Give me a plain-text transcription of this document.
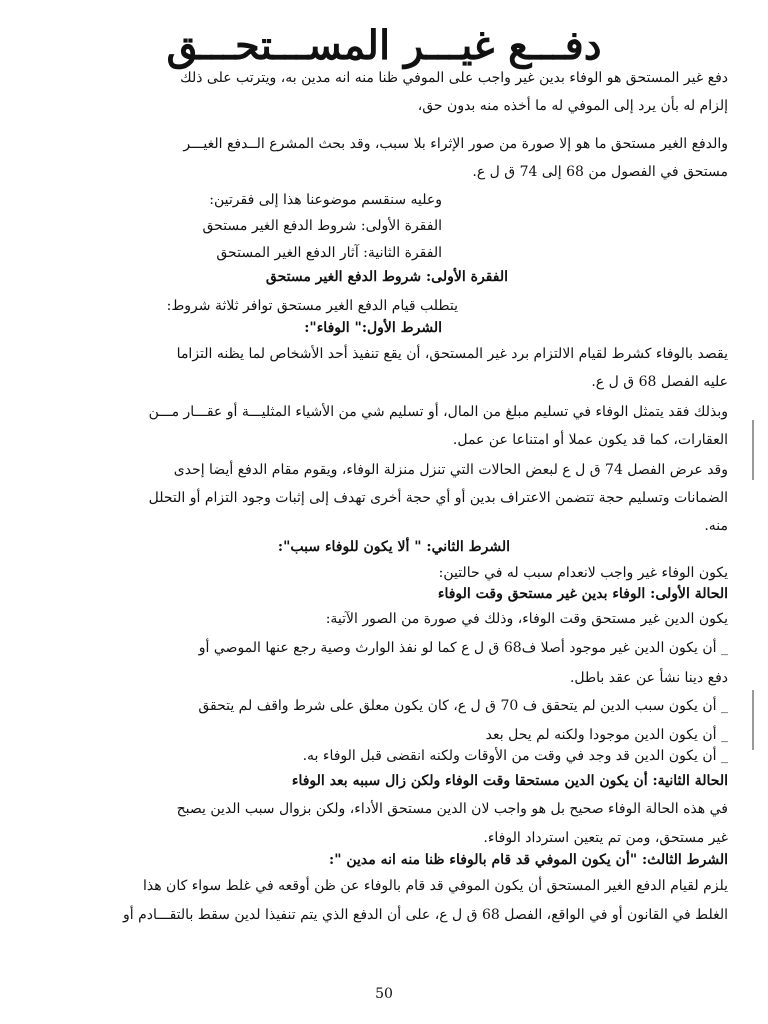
دفـــع غيـــر المســـتحـــق
دفع غير المستحق هو الوفاء بدين غير واجب على الموفي ظنا منه انه مدين به، ويترتب على ذلك
إلزام له بأن يرد إلى الموفي له ما أخذه منه بدون حق،
والدفع الغير مستحق ما هو إلا صورة من صور الإثراء بلا سبب، وقد بحث المشرع الــدفع الغيـــر
مستحق في الفصول من 68 إلى 74 ق ل ع.
وعليه سنقسم موضوعنا هذا إلى فقرتين:
الفقرة الأولى: شروط الدفع الغير مستحق
الفقرة الثانية: آثار الدفع الغير المستحق
الفقرة الأولى: شروط الدفع الغير مستحق
يتطلب قيام الدفع الغير مستحق توافر ثلاثة شروط:
الشرط الأول:" الوفاء":
يقصد بالوفاء كشرط لقيام الالتزام برد غير المستحق، أن يقع تنفيذ أحد الأشخاص لما يظنه التزاما
عليه الفصل 68 ق ل ع.
وبذلك فقد يتمثل الوفاء في تسليم مبلغ من المال، أو تسليم شي من الأشياء المثليـــة أو عقـــار مـــن
العقارات، كما قد يكون عملا أو امتناعا عن عمل.
وقد عرض الفصل 74 ق ل ع لبعض الحالات التي تنزل منزلة الوفاء، ويقوم مقام الدفع أيضا إحدى
الضمانات وتسليم حجة تتضمن الاعتراف بدين أو أي حجة أخرى تهدف إلى إثبات وجود التزام أو التحلل
منه.
الشرط الثاني: " ألا يكون للوفاء سبب":
يكون الوفاء غير واجب لانعدام سبب له في حالتين:
الحالة الأولى: الوفاء بدين غير مستحق وقت الوفاء
يكون الدين غير مستحق وقت الوفاء، وذلك في صورة من الصور الآتية:
_ أن يكون الدين غير موجود أصلا ف68 ق ل ع كما لو نفذ الوارث وصية رجع عنها الموصي أو
دفع دينا نشأ عن عقد باطل.
_ أن يكون سبب الدين لم يتحقق ف 70 ق ل ع، كان يكون معلق على شرط واقف لم يتحقق
_ أن يكون الدين موجودا ولكنه لم يحل بعد
_ أن يكون الدين قد وجد في وقت من الأوقات ولكنه انقضى قبل الوفاء به.
الحالة الثانية: أن يكون الدين مستحقا وقت الوفاء ولكن زال سببه بعد الوفاء
في هذه الحالة الوفاء صحيح بل هو واجب لان الدين مستحق الأداء، ولكن بزوال سبب الدين يصبح
غير مستحق، ومن تم يتعين استرداد الوفاء.
الشرط الثالث: "أن يكون الموفي قد قام بالوفاء ظنا منه انه مدين ":
يلزم لقيام الدفع الغير المستحق أن يكون الموفي قد قام بالوفاء عن ظن أوقعه في غلط سواء كان هذا
الغلط في القانون أو في الواقع، الفصل 68 ق ل ع، على أن الدفع الذي يتم تنفيذا لدين سقط بالتقـــادم أو
50
